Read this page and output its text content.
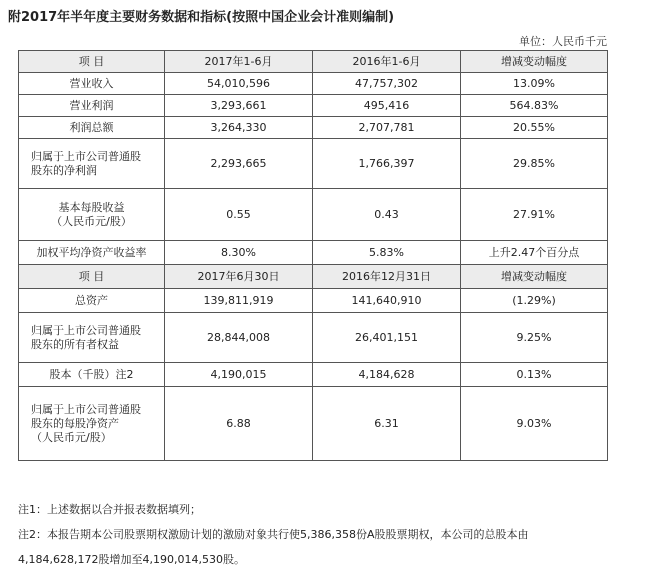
附2017年半年度主要财务数据和指标(按照中国企业会计准则编制)
单位：人民币千元
项 目	2017年1-6月	2016年1-6月	增减变动幅度
营业收入	54,010,596	47,757,302	13.09%
营业利润	3,293,661	495,416	564.83%
利润总额	3,264,330	2,707,781	20.55%

归属于上市公司普通股
股东的净利润	2,293,665	1,766,397	29.85%

基本每股收益
（人民币元/股）	0.55	0.43	27.91%
加权平均净资产收益率	8.30%	5.83%	上升2.47个百分点
项 目	2017年6月30日	2016年12月31日	增减变动幅度
总资产	139,811,919	141,640,910	(1.29%)

归属于上市公司普通股
股东的所有者权益	28,844,008	26,401,151	9.25%
股本（千股）注2	4,190,015	4,184,628	0.13%

归属于上市公司普通股
股东的每股净资产
（人民币元/股）	6.88	6.31	9.03%
注1：上述数据以合并报表数据填列；
注2：本报告期本公司股票期权激励计划的激励对象共行使5,386,358份A股股票期权，本公司的总股本由
4,184,628,172股增加至4,190,014,530股。
